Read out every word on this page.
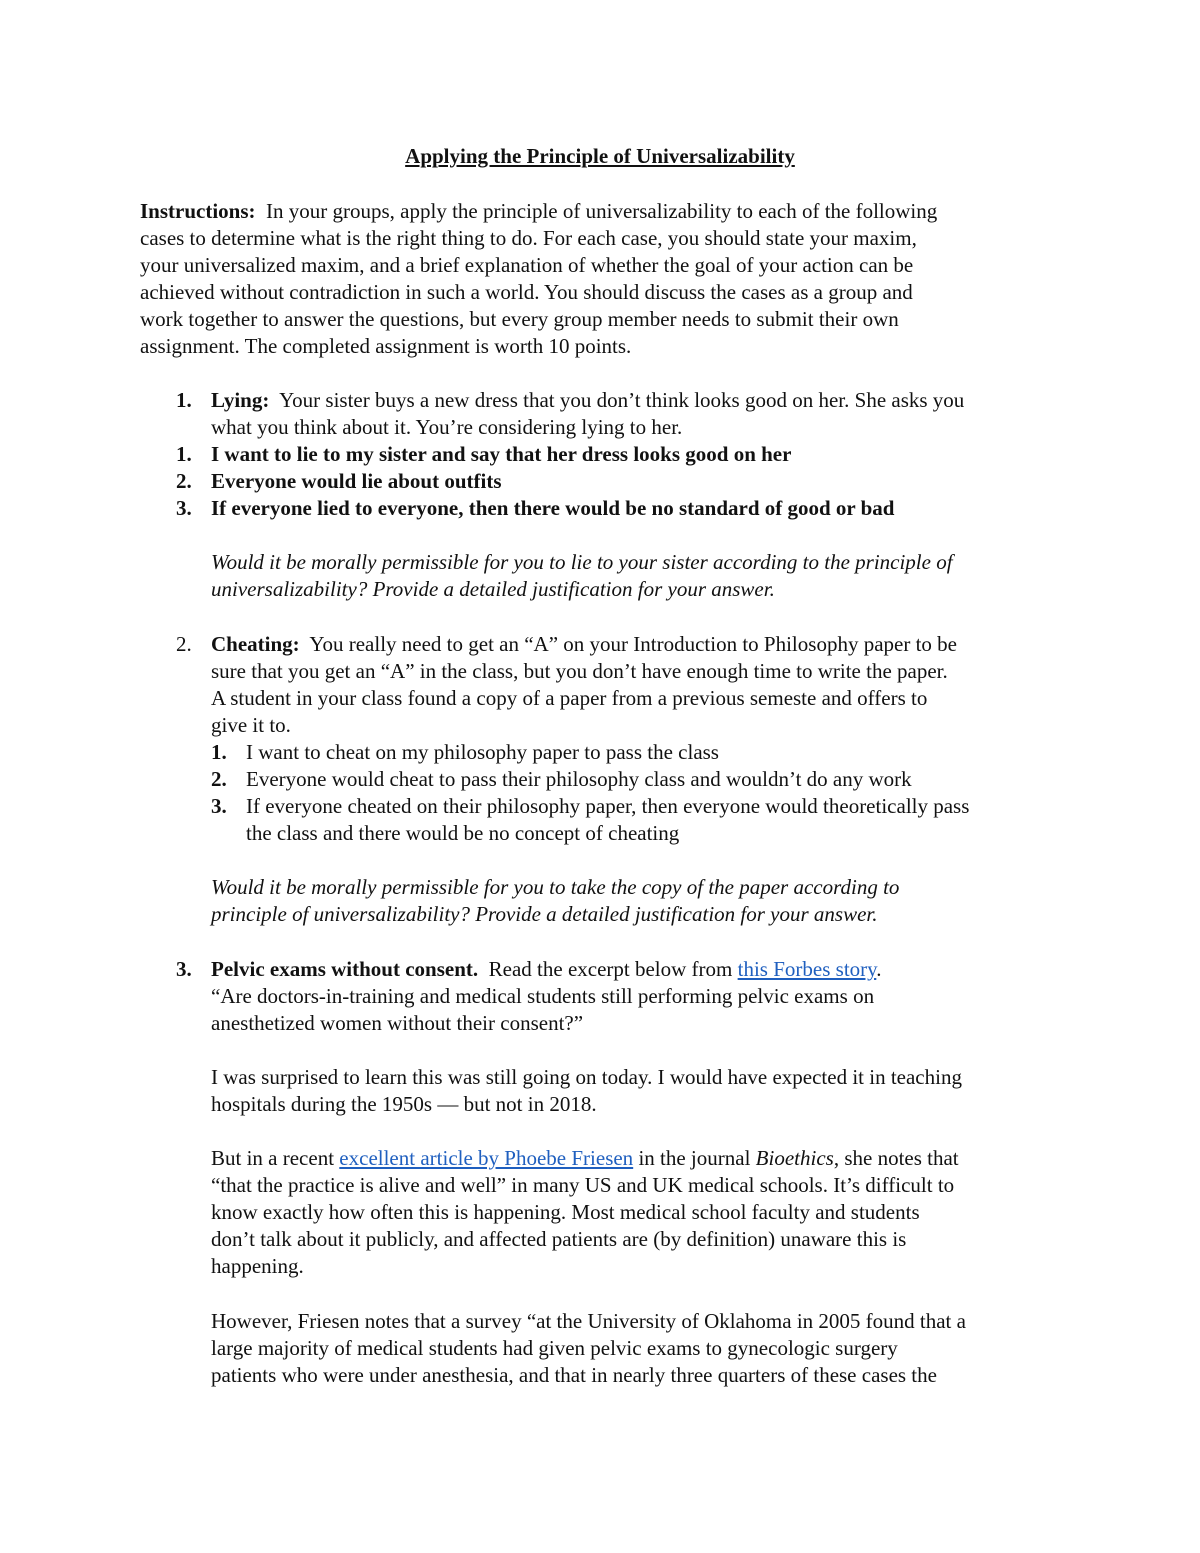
Applying the Principle of Universalizability
Instructions: In your groups, apply the principle of universalizability to each of the following
cases to determine what is the right thing to do. For each case, you should state your maxim,
your universalized maxim, and a brief explanation of whether the goal of your action can be
achieved without contradiction in such a world. You should discuss the cases as a group and
work together to answer the questions, but every group member needs to submit their own
assignment. The completed assignment is worth 10 points.
1. Lying: Your sister buys a new dress that you don’t think looks good on her. She asks you
what you think about it. You’re considering lying to her.
1. I want to lie to my sister and say that her dress looks good on her
2. Everyone would lie about outfits
3. If everyone lied to everyone, then there would be no standard of good or bad
Would it be morally permissible for you to lie to your sister according to the principle of
universalizability? Provide a detailed justification for your answer.
2. Cheating: You really need to get an “A” on your Introduction to Philosophy paper to be
sure that you get an “A” in the class, but you don’t have enough time to write the paper.
A student in your class found a copy of a paper from a previous semeste and offers to
give it to.
1. I want to cheat on my philosophy paper to pass the class
2. Everyone would cheat to pass their philosophy class and wouldn’t do any work
3. If everyone cheated on their philosophy paper, then everyone would theoretically pass
the class and there would be no concept of cheating
Would it be morally permissible for you to take the copy of the paper according to
principle of universalizability? Provide a detailed justification for your answer.
3. Pelvic exams without consent. Read the excerpt below from this Forbes story.
“Are doctors-in-training and medical students still performing pelvic exams on
anesthetized women without their consent?”
I was surprised to learn this was still going on today. I would have expected it in teaching
hospitals during the 1950s — but not in 2018.
But in a recent excellent article by Phoebe Friesen in the journal Bioethics, she notes that
“that the practice is alive and well” in many US and UK medical schools. It’s difficult to
know exactly how often this is happening. Most medical school faculty and students
don’t talk about it publicly, and affected patients are (by definition) unaware this is
happening.
However, Friesen notes that a survey “at the University of Oklahoma in 2005 found that a
large majority of medical students had given pelvic exams to gynecologic surgery
patients who were under anesthesia, and that in nearly three quarters of these cases the
